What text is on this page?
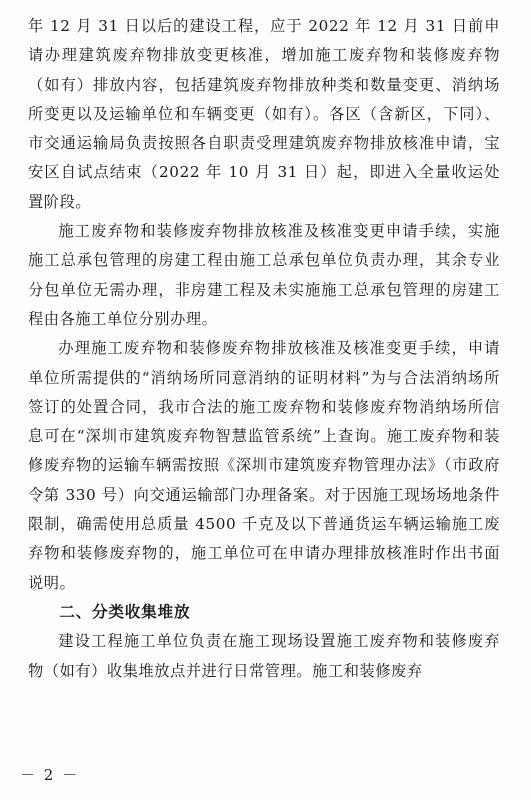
年 12 月 31 日以后的建设工程，应于 2022 年 12 月 31 日前申请办理建筑废弃物排放变更核准，增加施工废弃物和装修废弃物（如有）排放内容，包括建筑废弃物排放种类和数量变更、消纳场所变更以及运输单位和车辆变更（如有）。各区（含新区，下同）、市交通运输局负责按照各自职责受理建筑废弃物排放核准申请，宝安区自试点结束（2022 年 10 月 31 日）起，即进入全量收运处置阶段。

施工废弃物和装修废弃物排放核准及核准变更申请手续，实施施工总承包管理的房建工程由施工总承包单位负责办理，其余专业分包单位无需办理，非房建工程及未实施施工总承包管理的房建工程由各施工单位分别办理。

办理施工废弃物和装修废弃物排放核准及核准变更手续，申请单位所需提供的“消纳场所同意消纳的证明材料”为与合法消纳场所签订的处置合同，我市合法的施工废弃物和装修废弃物消纳场所信息可在“深圳市建筑废弃物智慧监管系统”上查询。施工废弃物和装修废弃物的运输车辆需按照《深圳市建筑废弃物管理办法》（市政府令第 330 号）向交通运输部门办理备案。对于因施工现场场地条件限制，确需使用总质量 4500 千克及以下普通货运车辆运输施工废弃物和装修废弃物的，施工单位可在申请办理排放核准时作出书面说明。

二、分类收集堆放

建设工程施工单位负责在施工现场设置施工废弃物和装修废弃物（如有）收集堆放点并进行日常管理。施工和装修废弃

－ 2 －
